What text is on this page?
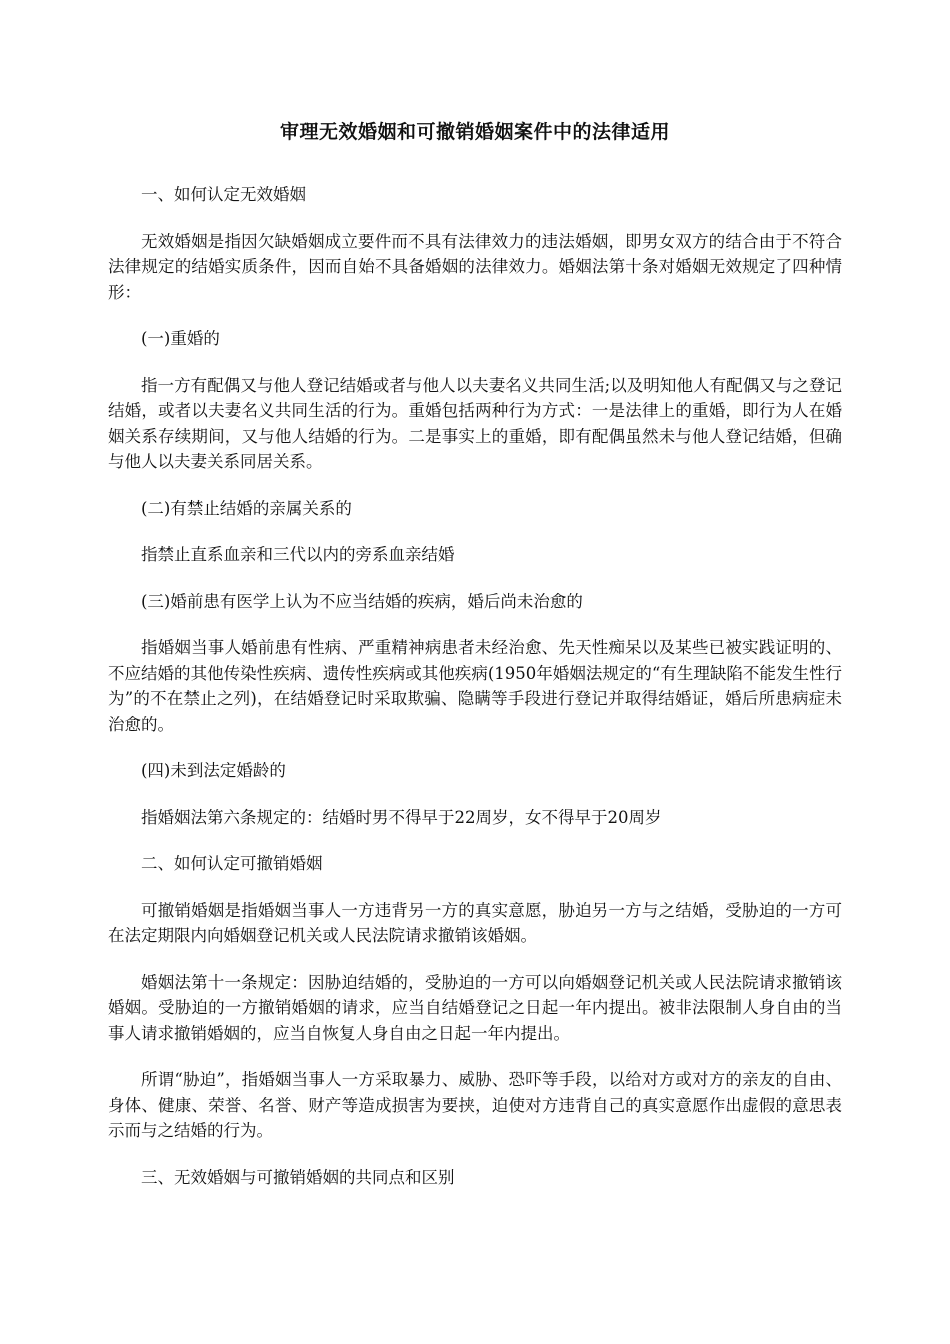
审理无效婚姻和可撤销婚姻案件中的法律适用

一、如何认定无效婚姻

无效婚姻是指因欠缺婚姻成立要件而不具有法律效力的违法婚姻，即男女双方的结合由于不符合法律规定的结婚实质条件，因而自始不具备婚姻的法律效力。婚姻法第十条对婚姻无效规定了四种情形：

(一)重婚的

指一方有配偶又与他人登记结婚或者与他人以夫妻名义共同生活;以及明知他人有配偶又与之登记结婚，或者以夫妻名义共同生活的行为。重婚包括两种行为方式：一是法律上的重婚，即行为人在婚姻关系存续期间，又与他人结婚的行为。二是事实上的重婚，即有配偶虽然未与他人登记结婚，但确与他人以夫妻关系同居关系。

(二)有禁止结婚的亲属关系的

指禁止直系血亲和三代以内的旁系血亲结婚

(三)婚前患有医学上认为不应当结婚的疾病，婚后尚未治愈的

指婚姻当事人婚前患有性病、严重精神病患者未经治愈、先天性痴呆以及某些已被实践证明的、不应结婚的其他传染性疾病、遗传性疾病或其他疾病(1950年婚姻法规定的“有生理缺陷不能发生性行为”的不在禁止之列)，在结婚登记时采取欺骗、隐瞒等手段进行登记并取得结婚证，婚后所患病症未治愈的。

(四)未到法定婚龄的

指婚姻法第六条规定的：结婚时男不得早于22周岁，女不得早于20周岁

二、如何认定可撤销婚姻

可撤销婚姻是指婚姻当事人一方违背另一方的真实意愿，胁迫另一方与之结婚，受胁迫的一方可在法定期限内向婚姻登记机关或人民法院请求撤销该婚姻。

婚姻法第十一条规定：因胁迫结婚的，受胁迫的一方可以向婚姻登记机关或人民法院请求撤销该婚姻。受胁迫的一方撤销婚姻的请求，应当自结婚登记之日起一年内提出。被非法限制人身自由的当事人请求撤销婚姻的，应当自恢复人身自由之日起一年内提出。

所谓“胁迫”，指婚姻当事人一方采取暴力、威胁、恐吓等手段，以给对方或对方的亲友的自由、身体、健康、荣誉、名誉、财产等造成损害为要挟，迫使对方违背自己的真实意愿作出虚假的意思表示而与之结婚的行为。

三、无效婚姻与可撤销婚姻的共同点和区别
